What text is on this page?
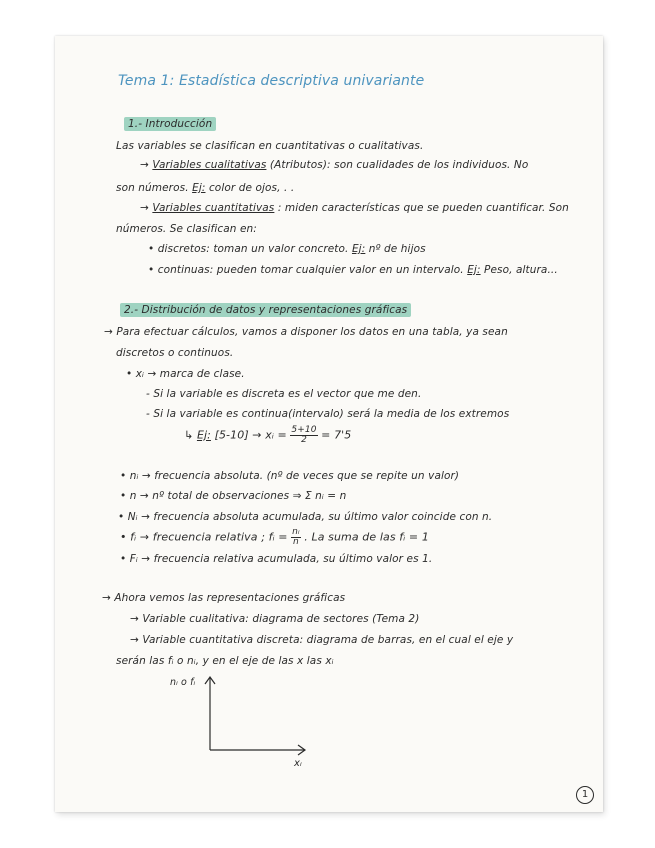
Tema 1: Estadística descriptiva univariante
1.- Introducción
Las variables se clasifican en cuantitativas o cualitativas.
→ Variables cualitativas (Atributos): son cualidades de los individuos. No
son números. Ej: color de ojos, . .
→ Variables cuantitativas : miden características que se pueden cuantificar. Son
números. Se clasifican en:
• discretos: toman un valor concreto. Ej: nº de hijos
• continuas: pueden tomar cualquier valor en un intervalo. Ej: Peso, altura...
2.- Distribución de datos y representaciones gráficas
→ Para efectuar cálculos, vamos a disponer los datos en una tabla, ya sean
discretos o continuos.
• xᵢ → marca de clase.
- Si la variable es discreta es el vector que me den.
- Si la variable es continua(intervalo) será la media de los extremos
↳ Ej: [5-10] → xᵢ = $\frac{5+10}{2} = 7'5$
• nᵢ → frecuencia absoluta. (nº de veces que se repite un valor)
• n → nº total de observaciones ⇒ Σ nᵢ = n
• Nᵢ → frecuencia absoluta acumulada, su último valor coincide con n.
• fᵢ → frecuencia relativa ; fᵢ = $\frac{\text{nᵢ}}{n}$ . La suma de las fᵢ = 1
• Fᵢ → frecuencia relativa acumulada, su último valor es 1.
→ Ahora vemos las representaciones gráficas
→ Variable cualitativa: diagrama de sectores (Tema 2)
→ Variable cuantitativa discreta: diagrama de barras, en el cual el eje y
serán las fᵢ o nᵢ, y en el eje de las x las xᵢ
nᵢ o fᵢ
xᵢ
1
